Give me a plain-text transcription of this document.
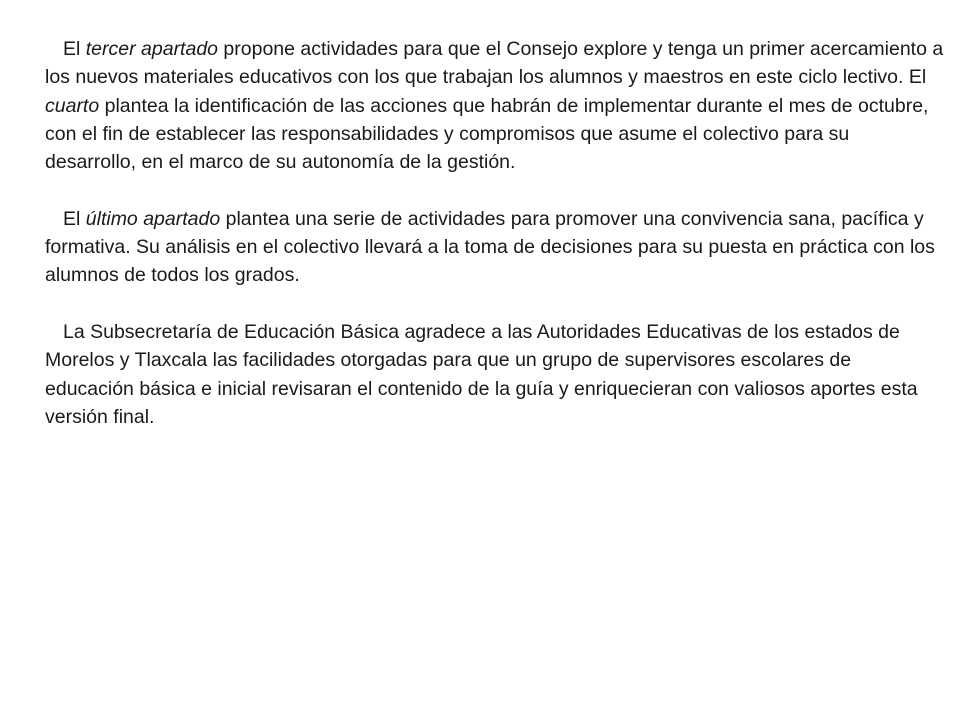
El tercer apartado propone actividades para que el Consejo explore y tenga un primer acercamiento a los nuevos materiales educativos con los que trabajan los alumnos y maestros en este ciclo lectivo. El cuarto plantea la identificación de las acciones que habrán de implementar durante el mes de octubre, con el fin de establecer las responsabilidades y compromisos que asume el colectivo para su desarrollo, en el marco de su autonomía de la gestión.

El último apartado plantea una serie de actividades para promover una convivencia sana, pacífica y formativa. Su análisis en el colectivo llevará a la toma de decisiones para su puesta en práctica con los alumnos de todos los grados.

La Subsecretaría de Educación Básica agradece a las Autoridades Educativas de los estados de Morelos y Tlaxcala las facilidades otorgadas para que un grupo de supervisores escolares de educación básica e inicial revisaran el contenido de la guía y enriquecieran con valiosos aportes esta versión final.
